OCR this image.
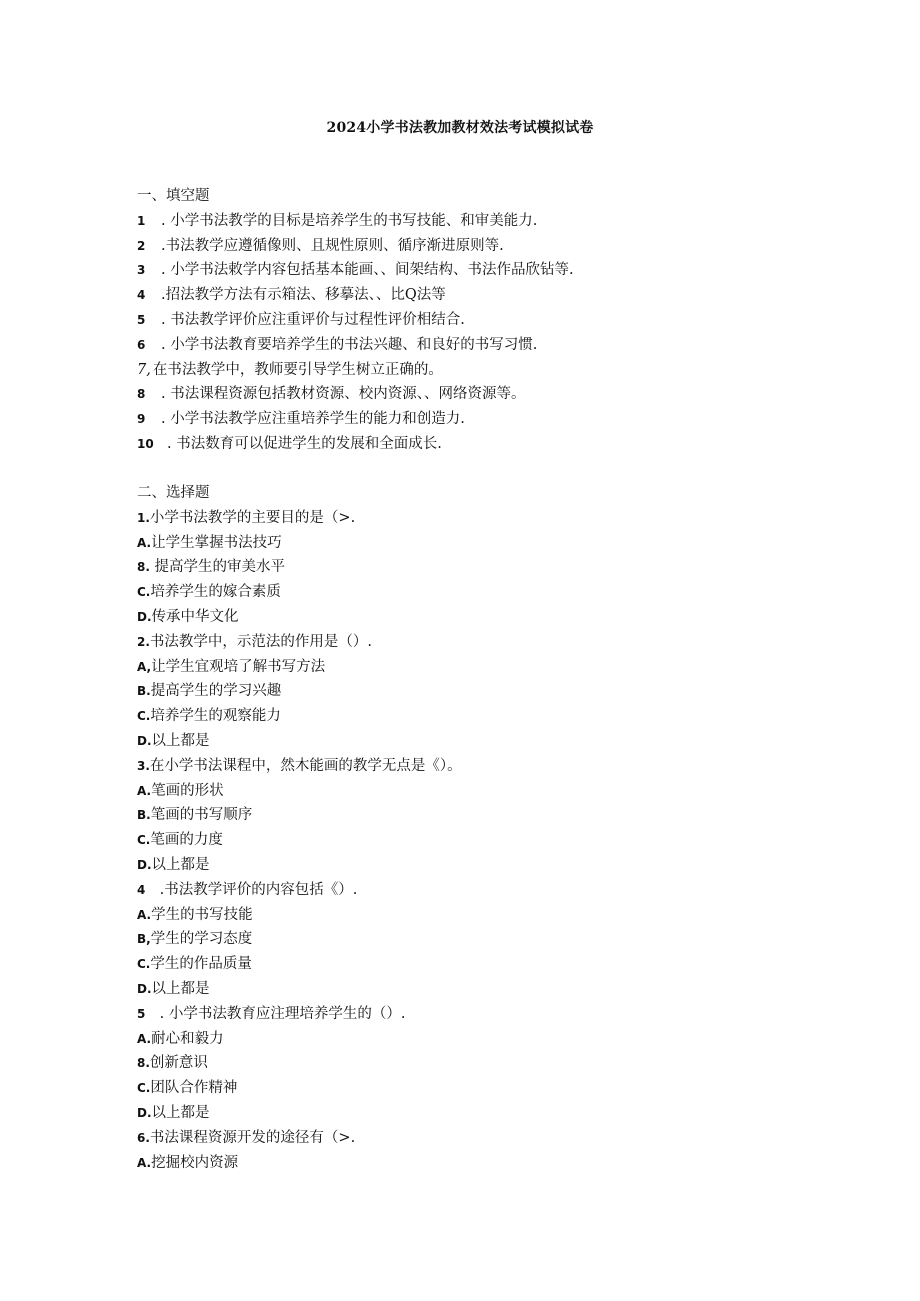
2024小学书法教加教材效法考试模拟试卷
一、填空题
1 . 小学书法教学的目标是培养学生的书写技能、和审美能力.
2 .书法教学应遵循像则、且规性原则、循序渐进原则等.
3 . 小学书法敕学内容包括基本能画、、间架结构、书法作品欣钻等.
4 .招法教学方法有示箱法、移摹法、、比Q法等
5 . 书法教学评价应注重评价与过程性评价相结合.
6 . 小学书法教育要培养学生的书法兴趣、和良好的书写习惯.
7, 在书法教学中，教师要引导学生树立正确的。
8 . 书法课程资源包括教材资源、校内资源、、网络资源等。
9 . 小学书法教学应注重培养学生的能力和创造力.
10 . 书法数育可以促进学生的发展和全面成长.
二、选择题
1.小学书法教学的主要目的是（>.
A.让学生掌握书法技巧
8. 提高学生的审美水平
C.培养学生的嫁合素质
D.传承中华文化
2.书法教学中，示范法的作用是（）.
A,让学生宜观培了解书写方法
B.提高学生的学习兴趣
C.培养学生的观察能力
D.以上都是
3.在小学书法课程中，然木能画的教学无点是《）。
A.笔画的形状
B.笔画的书写顺序
C.笔画的力度
D.以上都是
4 .书法教学评价的内容包括《）.
A.学生的书写技能
B,学生的学习态度
C.学生的作品质量
D.以上都是
5 . 小学书法教育应注理培养学生的（）.
A.耐心和毅力
8.创新意识
C.团队合作精神
D.以上都是
6.书法课程资源开发的途径有（>.
A.挖掘校内资源
